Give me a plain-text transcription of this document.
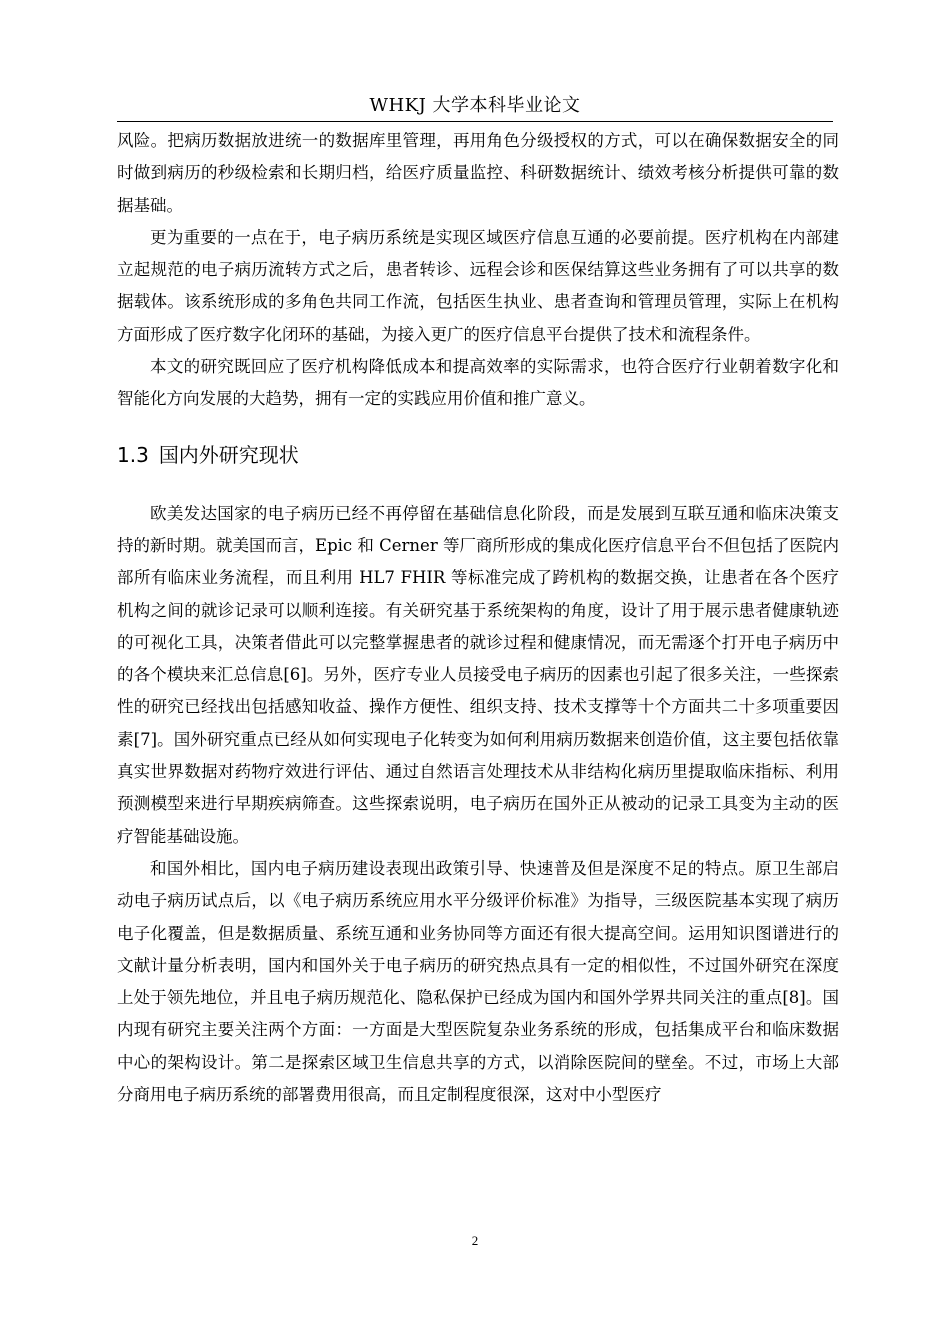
WHKJ 大学本科毕业论文

风险。把病历数据放进统一的数据库里管理，再用角色分级授权的方式，可以在确保数据安全的同时做到病历的秒级检索和长期归档，给医疗质量监控、科研数据统计、绩效考核分析提供可靠的数据基础。

更为重要的一点在于，电子病历系统是实现区域医疗信息互通的必要前提。医疗机构在内部建立起规范的电子病历流转方式之后，患者转诊、远程会诊和医保结算这些业务拥有了可以共享的数据载体。该系统形成的多角色共同工作流，包括医生执业、患者查询和管理员管理，实际上在机构方面形成了医疗数字化闭环的基础，为接入更广的医疗信息平台提供了技术和流程条件。

本文的研究既回应了医疗机构降低成本和提高效率的实际需求，也符合医疗行业朝着数字化和智能化方向发展的大趋势，拥有一定的实践应用价值和推广意义。

1.3 国内外研究现状

欧美发达国家的电子病历已经不再停留在基础信息化阶段，而是发展到互联互通和临床决策支持的新时期。就美国而言，Epic 和 Cerner 等厂商所形成的集成化医疗信息平台不但包括了医院内部所有临床业务流程，而且利用 HL7 FHIR 等标准完成了跨机构的数据交换，让患者在各个医疗机构之间的就诊记录可以顺利连接。有关研究基于系统架构的角度，设计了用于展示患者健康轨迹的可视化工具，决策者借此可以完整掌握患者的就诊过程和健康情况，而无需逐个打开电子病历中的各个模块来汇总信息[6]。另外，医疗专业人员接受电子病历的因素也引起了很多关注，一些探索性的研究已经找出包括感知收益、操作方便性、组织支持、技术支撑等十个方面共二十多项重要因素[7]。国外研究重点已经从如何实现电子化转变为如何利用病历数据来创造价值，这主要包括依靠真实世界数据对药物疗效进行评估、通过自然语言处理技术从非结构化病历里提取临床指标、利用预测模型来进行早期疾病筛查。这些探索说明，电子病历在国外正从被动的记录工具变为主动的医疗智能基础设施。

和国外相比，国内电子病历建设表现出政策引导、快速普及但是深度不足的特点。原卫生部启动电子病历试点后，以《电子病历系统应用水平分级评价标准》为指导，三级医院基本实现了病历电子化覆盖，但是数据质量、系统互通和业务协同等方面还有很大提高空间。运用知识图谱进行的文献计量分析表明，国内和国外关于电子病历的研究热点具有一定的相似性，不过国外研究在深度上处于领先地位，并且电子病历规范化、隐私保护已经成为国内和国外学界共同关注的重点[8]。国内现有研究主要关注两个方面：一方面是大型医院复杂业务系统的形成，包括集成平台和临床数据中心的架构设计。第二是探索区域卫生信息共享的方式，以消除医院间的壁垒。不过，市场上大部分商用电子病历系统的部署费用很高，而且定制程度很深，这对中小型医疗

2
